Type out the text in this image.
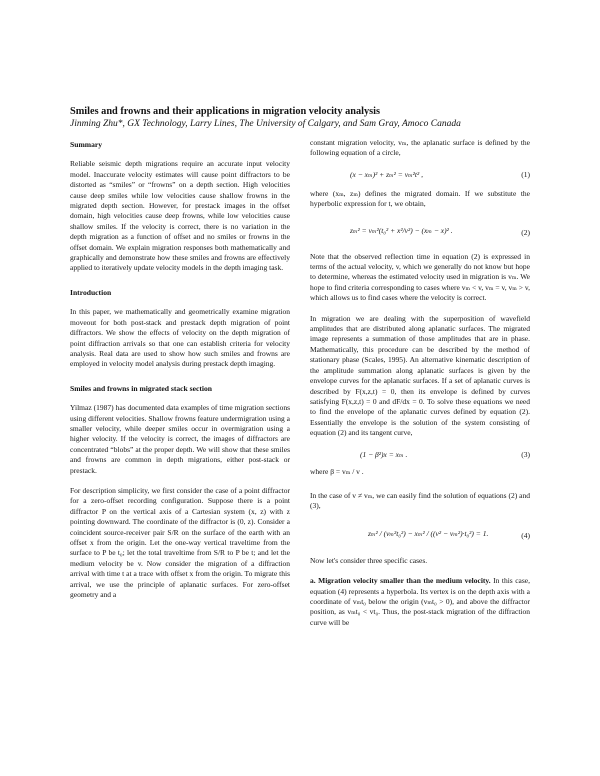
Smiles and frowns and their applications in migration velocity analysis
Jinming Zhu*, GX Technology, Larry Lines, The University of Calgary, and Sam Gray, Amoco Canada
Summary

Reliable seismic depth migrations require an accurate input velocity model. Inaccurate velocity estimates will cause point diffractors to be distorted as “smiles” or “frowns” on a depth section. High velocities cause deep smiles while low velocities cause shallow frowns in the migrated depth section. However, for prestack images in the offset domain, high velocities cause deep frowns, while low velocities cause shallow smiles. If the velocity is correct, there is no variation in the depth migration as a function of offset and no smiles or frowns in the offset domain. We explain migration responses both mathematically and graphically and demonstrate how these smiles and frowns are effectively applied to iteratively update velocity models in the depth imaging task.

Introduction

In this paper, we mathematically and geometrically examine migration moveout for both post-stack and prestack depth migration of point diffractors. We show the effects of velocity on the depth migration of point diffraction arrivals so that one can establish criteria for velocity analysis. Real data are used to show how such smiles and frowns are employed in velocity model analysis during prestack depth imaging.

Smiles and frowns in migrated stack section

Yilmaz (1987) has documented data examples of time migration sections using different velocities. Shallow frowns feature undermigration using a smaller velocity, while deeper smiles occur in overmigration using a higher velocity. If the velocity is correct, the images of diffractors are concentrated “blobs” at the proper depth. We will show that these smiles and frowns are common in depth migrations, either post-stack or prestack.

For description simplicity, we first consider the case of a point diffractor for a zero-offset recording configuration. Suppose there is a point diffractor P on the vertical axis of a Cartesian system (x, z) with z pointing downward. The coordinate of the diffractor is (0, z). Consider a coincident source-receiver pair S/R on the surface of the earth with an offset x from the origin. Let the one-way vertical traveltime from the surface to P be t₀; let the total traveltime from S/R to P be t; and let the medium velocity be v. Now consider the migration of a diffraction arrival with time t at a trace with offset x from the origin. To migrate this arrival, we use the principle of aplanatic surfaces. For zero-offset geometry and a

constant migration velocity, vₘ, the aplanatic surface is defined by the following equation of a circle,

(x − xₘ)² + zₘ² = vₘ²t² ,	(1)

where (xₘ, zₘ) defines the migrated domain. If we substitute the hyperbolic expression for t, we obtain,

zₘ² = vₘ²(t₀² + x²/v²) − (xₘ − x)² .	(2)

Note that the observed reflection time in equation (2) is expressed in terms of the actual velocity, v, which we generally do not know but hope to determine, whereas the estimated velocity used in migration is vₘ. We hope to find criteria corresponding to cases where vₘ < v, vₘ = v, vₘ > v, which allows us to find cases where the velocity is correct.

In migration we are dealing with the superposition of wavefield amplitudes that are distributed along aplanatic surfaces. The migrated image represents a summation of those amplitudes that are in phase. Mathematically, this procedure can be described by the method of stationary phase (Scales, 1995). An alternative kinematic description of the amplitude summation along aplanatic surfaces is given by the envelope curves for the aplanatic surfaces. If a set of aplanatic curves is described by F(x,z,t) = 0, then its envelope is defined by curves satisfying F(x,z,t) = 0 and dF/dx = 0. To solve these equations we need to find the envelope of the aplanatic curves defined by equation (2). Essentially the envelope is the solution of the system consisting of equation (2) and its tangent curve,

(1 − β²)x = xₘ .	(3)
where β = vₘ / v .

In the case of v ≠ vₘ, we can easily find the solution of equations (2) and (3),

zₘ² / (vₘ²t₀²) − xₘ² / ((v² − vₘ²)·t₀²) = 1.	(4)

Now let's consider three specific cases.

a. Migration velocity smaller than the medium velocity. In this case, equation (4) represents a hyperbola. Its vertex is on the depth axis with a coordinate of vₘt₀ below the origin (vₘt₀ > 0), and above the diffractor position, as vₘt₀ < vt₀. Thus, the post-stack migration of the diffraction curve will be
